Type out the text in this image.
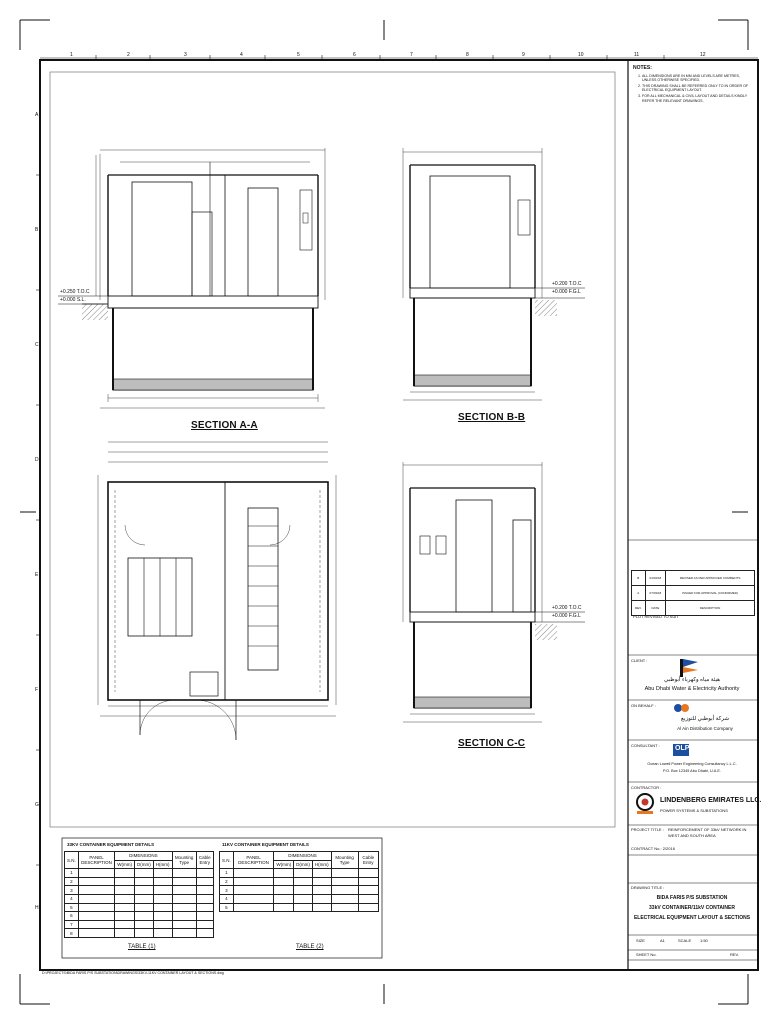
1	2	3	4	5	6	7	8	9	10	11	12
A
B
C
D
E
F
G
H
+0.250 T.O.C
+0.000 S.L.
+0.200 T.O.C
+0.000 F.G.L
+0.200 T.O.C
+0.000 F.G.L
SECTION A-A
SECTION B-B
SECTION C-C
NOTES:
1. ALL DIMENSIONS ARE IN MM AND LEVELS ARE METRES, UNLESS OTHERWISE SPECIFIED.
2. THIS DRAWING SHALL BE REFERRED ONLY TO IN ORDER OF ELECTRICAL EQUIPMENT LAYOUT.
3. FOR ALL MECHANICAL & CIVIL LAYOUT AND DETAILS KINDLY REFER THE RELEVANT DRAWINGS.
B	04/04/18	REVISED AS PER APPROVED COMMENTS
A	07/03/18	ISSUED FOR APPROVAL (CONFIRMED)
REV.	DATE	DESCRIPTION
PLOT REVISED TO SUIT
CLIENT :
هيئة مياه وكهرباء أبوظبي
Abu Dhabi Water & Electricity Authority
ON BEHALF :
شركة أبوظبي للتوزيع
Al Ain Distribution Company
CONSULTANT : OLP
Ocean Lowell Power Engineering Consultancy L.L.C.
P.O. Box 12345 Abu Dhabi, U.A.E.
CONTRACTOR :
LINDENBERG EMIRATES LLC.
POWER SYSTEMS & SUBSTATIONS
PROJECT TITLE : REINFORCEMENT OF 33kV NETWORK IN
WEST AND SOUTH AREA
CONTRACT No.: 2/2016
DRAWING TITLE :
BIDA FARIS P/S SUBSTATION
33kV CONTAINER/11kV CONTAINER
ELECTRICAL EQUIPMENT LAYOUT & SECTIONS
SIZE	A1	SCALE 1:50
SHEET No.	REV.
33KV CONTAINER EQUIPMENT DETAILS
S.N.	PANEL DESCRIPTION	DIMENSIONS			Mounting Type	Cable Entry
		W(mm)	D(mm)	H(mm)		
1						
2						
3						
4						
5						
6						
7						
8						
TABLE (1)
11KV CONTAINER EQUIPMENT DETAILS
S.N.	PANEL DESCRIPTION	DIMENSIONS			Mounting Type	Cable Entry
		W(mm)	D(mm)	H(mm)		
1						
2						
3						
4						
5						
TABLE (2)
D:\PROJECTS\BIDA FARIS P/S SUBSTATION\DRAWINGS\33KV-11KV CONTAINER LAYOUT & SECTIONS.dwg
